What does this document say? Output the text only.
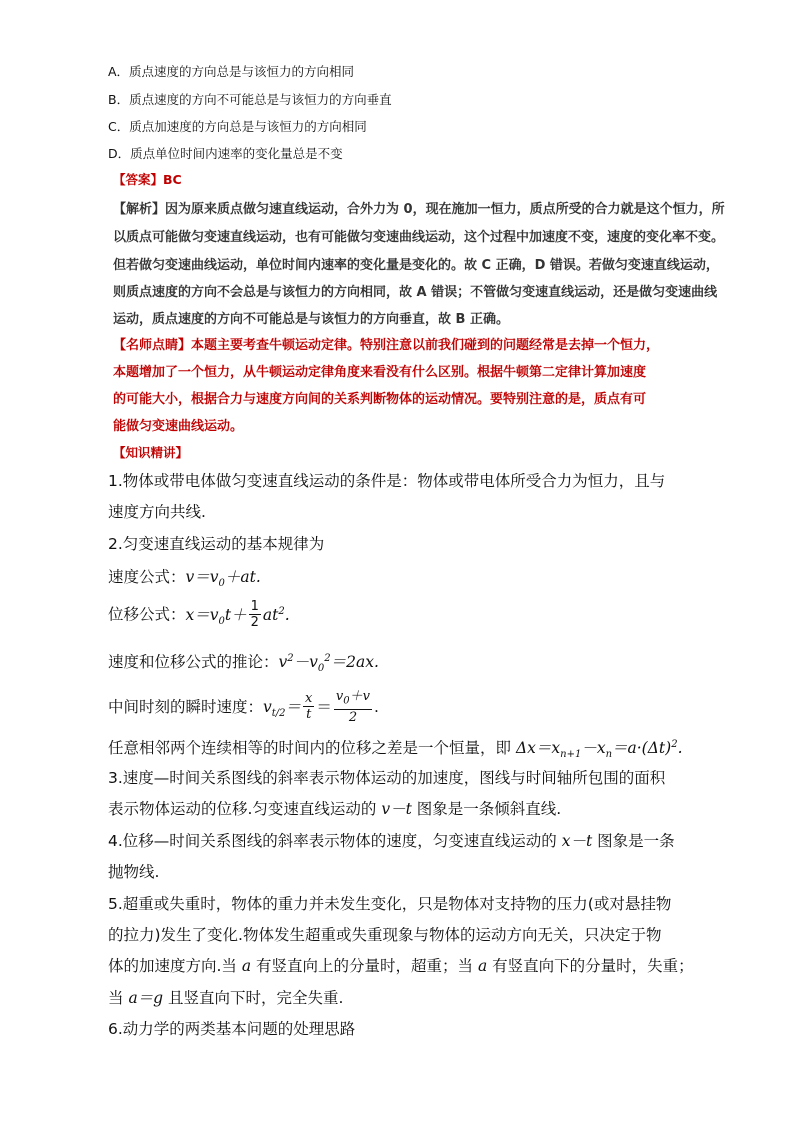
A．质点速度的方向总是与该恒力的方向相同
B．质点速度的方向不可能总是与该恒力的方向垂直
C．质点加速度的方向总是与该恒力的方向相同
D．质点单位时间内速率的变化量总是不变
【答案】BC
【解析】因为原来质点做匀速直线运动，合外力为 0，现在施加一恒力，质点所受的合力就是这个恒力，所
以质点可能做匀变速直线运动，也有可能做匀变速曲线运动，这个过程中加速度不变，速度的变化率不变。
但若做匀变速曲线运动，单位时间内速率的变化量是变化的。故 C 正确，D 错误。若做匀变速直线运动，
则质点速度的方向不会总是与该恒力的方向相同，故 A 错误；不管做匀变速直线运动，还是做匀变速曲线
运动，质点速度的方向不可能总是与该恒力的方向垂直，故 B 正确。
【名师点睛】本题主要考查牛顿运动定律。特别注意以前我们碰到的问题经常是去掉一个恒力，
本题增加了一个恒力，从牛顿运动定律角度来看没有什么区别。根据牛顿第二定律计算加速度
的可能大小，根据合力与速度方向间的关系判断物体的运动情况。要特别注意的是，质点有可
能做匀变速曲线运动。
【知识精讲】
1.物体或带电体做匀变速直线运动的条件是：物体或带电体所受合力为恒力，且与
速度方向共线.
2.匀变速直线运动的基本规律为
速度公式：$v=v_0+at$.
位移公式：$x=v_0t+ \frac{1}{2} at^2$.
速度和位移公式的推论：$v^2-v_0^2=2ax$.
中间时刻的瞬时速度：$v_{t/2}= \frac{x}{t} = \frac{v_0+v}{2}$ .
任意相邻两个连续相等的时间内的位移之差是一个恒量，即 $\Delta x=x_{n+1}-x_n=a\cdot(\Delta t)^2$.
3.速度—时间关系图线的斜率表示物体运动的加速度，图线与时间轴所包围的面积
表示物体运动的位移.匀变速直线运动的 v－t 图象是一条倾斜直线.
4.位移—时间关系图线的斜率表示物体的速度，匀变速直线运动的 x－t 图象是一条
抛物线.
5.超重或失重时，物体的重力并未发生变化，只是物体对支持物的压力(或对悬挂物
的拉力)发生了变化.物体发生超重或失重现象与物体的运动方向无关，只决定于物
体的加速度方向.当 a 有竖直向上的分量时，超重；当 a 有竖直向下的分量时，失重；
当 a＝g 且竖直向下时，完全失重.
6.动力学的两类基本问题的处理思路
